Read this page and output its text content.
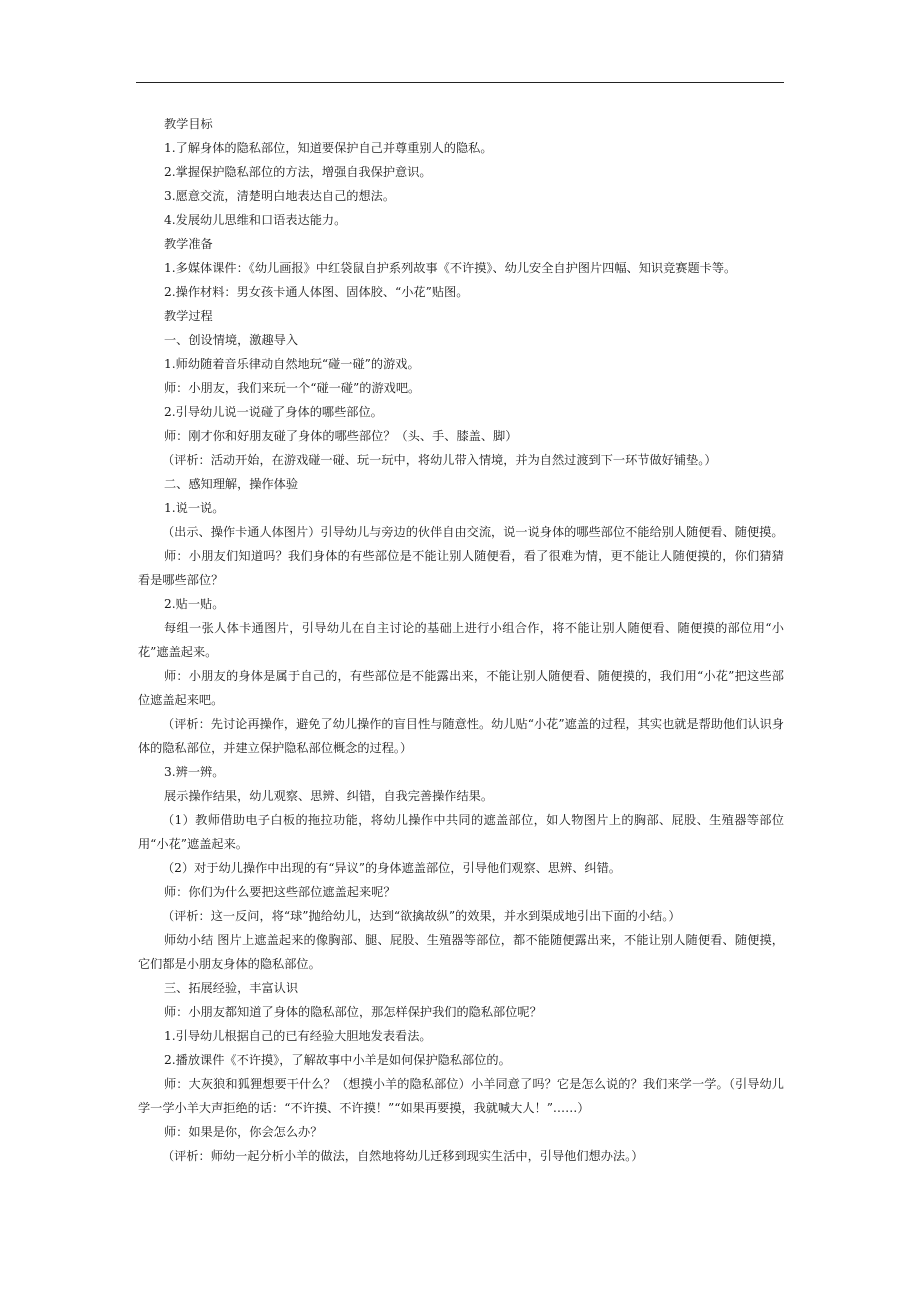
教学目标

1.了解身体的隐私部位，知道要保护自己并尊重别人的隐私。

2.掌握保护隐私部位的方法，增强自我保护意识。

3.愿意交流，清楚明白地表达自己的想法。

4.发展幼儿思维和口语表达能力。

教学准备

1.多媒体课件：《幼儿画报》中红袋鼠自护系列故事《不许摸》、幼儿安全自护图片四幅、知识竞赛题卡等。

2.操作材料：男女孩卡通人体图、固体胶、“小花”贴图。

教学过程

一、创设情境，激趣导入

1.师幼随着音乐律动自然地玩“碰一碰”的游戏。

师：小朋友，我们来玩一个“碰一碰”的游戏吧。

2.引导幼儿说一说碰了身体的哪些部位。

师：刚才你和好朋友碰了身体的哪些部位？（头、手、膝盖、脚）

（评析：活动开始，在游戏碰一碰、玩一玩中，将幼儿带入情境，并为自然过渡到下一环节做好铺垫。）

二、感知理解，操作体验

1.说一说。

（出示、操作卡通人体图片）引导幼儿与旁边的伙伴自由交流，说一说身体的哪些部位不能给别人随便看、随便摸。

师：小朋友们知道吗？我们身体的有些部位是不能让别人随便看，看了很难为情，更不能让人随便摸的，你们猜猜看是哪些部位？

2.贴一贴。

每组一张人体卡通图片，引导幼儿在自主讨论的基础上进行小组合作，将不能让别人随便看、随便摸的部位用“小花”遮盖起来。

师：小朋友的身体是属于自己的，有些部位是不能露出来，不能让别人随便看、随便摸的，我们用“小花”把这些部位遮盖起来吧。

（评析：先讨论再操作，避免了幼儿操作的盲目性与随意性。幼儿贴“小花”遮盖的过程，其实也就是帮助他们认识身体的隐私部位，并建立保护隐私部位概念的过程。）

3.辨一辨。

展示操作结果，幼儿观察、思辨、纠错，自我完善操作结果。

（1）教师借助电子白板的拖拉功能，将幼儿操作中共同的遮盖部位，如人物图片上的胸部、屁股、生殖器等部位用“小花”遮盖起来。

（2）对于幼儿操作中出现的有“异议”的身体遮盖部位，引导他们观察、思辨、纠错。

师：你们为什么要把这些部位遮盖起来呢？

（评析：这一反问，将“球”抛给幼儿，达到“欲擒故纵”的效果，并水到渠成地引出下面的小结。）

师幼小结 图片上遮盖起来的像胸部、腿、屁股、生殖器等部位，都不能随便露出来，不能让别人随便看、随便摸，它们都是小朋友身体的隐私部位。

三、拓展经验，丰富认识

师：小朋友都知道了身体的隐私部位，那怎样保护我们的隐私部位呢？

1.引导幼儿根据自己的已有经验大胆地发表看法。

2.播放课件《不许摸》，了解故事中小羊是如何保护隐私部位的。

师：大灰狼和狐狸想要干什么？（想摸小羊的隐私部位）小羊同意了吗？它是怎么说的？我们来学一学。（引导幼儿学一学小羊大声拒绝的话：“不许摸、不许摸！”“如果再要摸，我就喊大人！”……）

师：如果是你，你会怎么办？

（评析：师幼一起分析小羊的做法，自然地将幼儿迁移到现实生活中，引导他们想办法。）
